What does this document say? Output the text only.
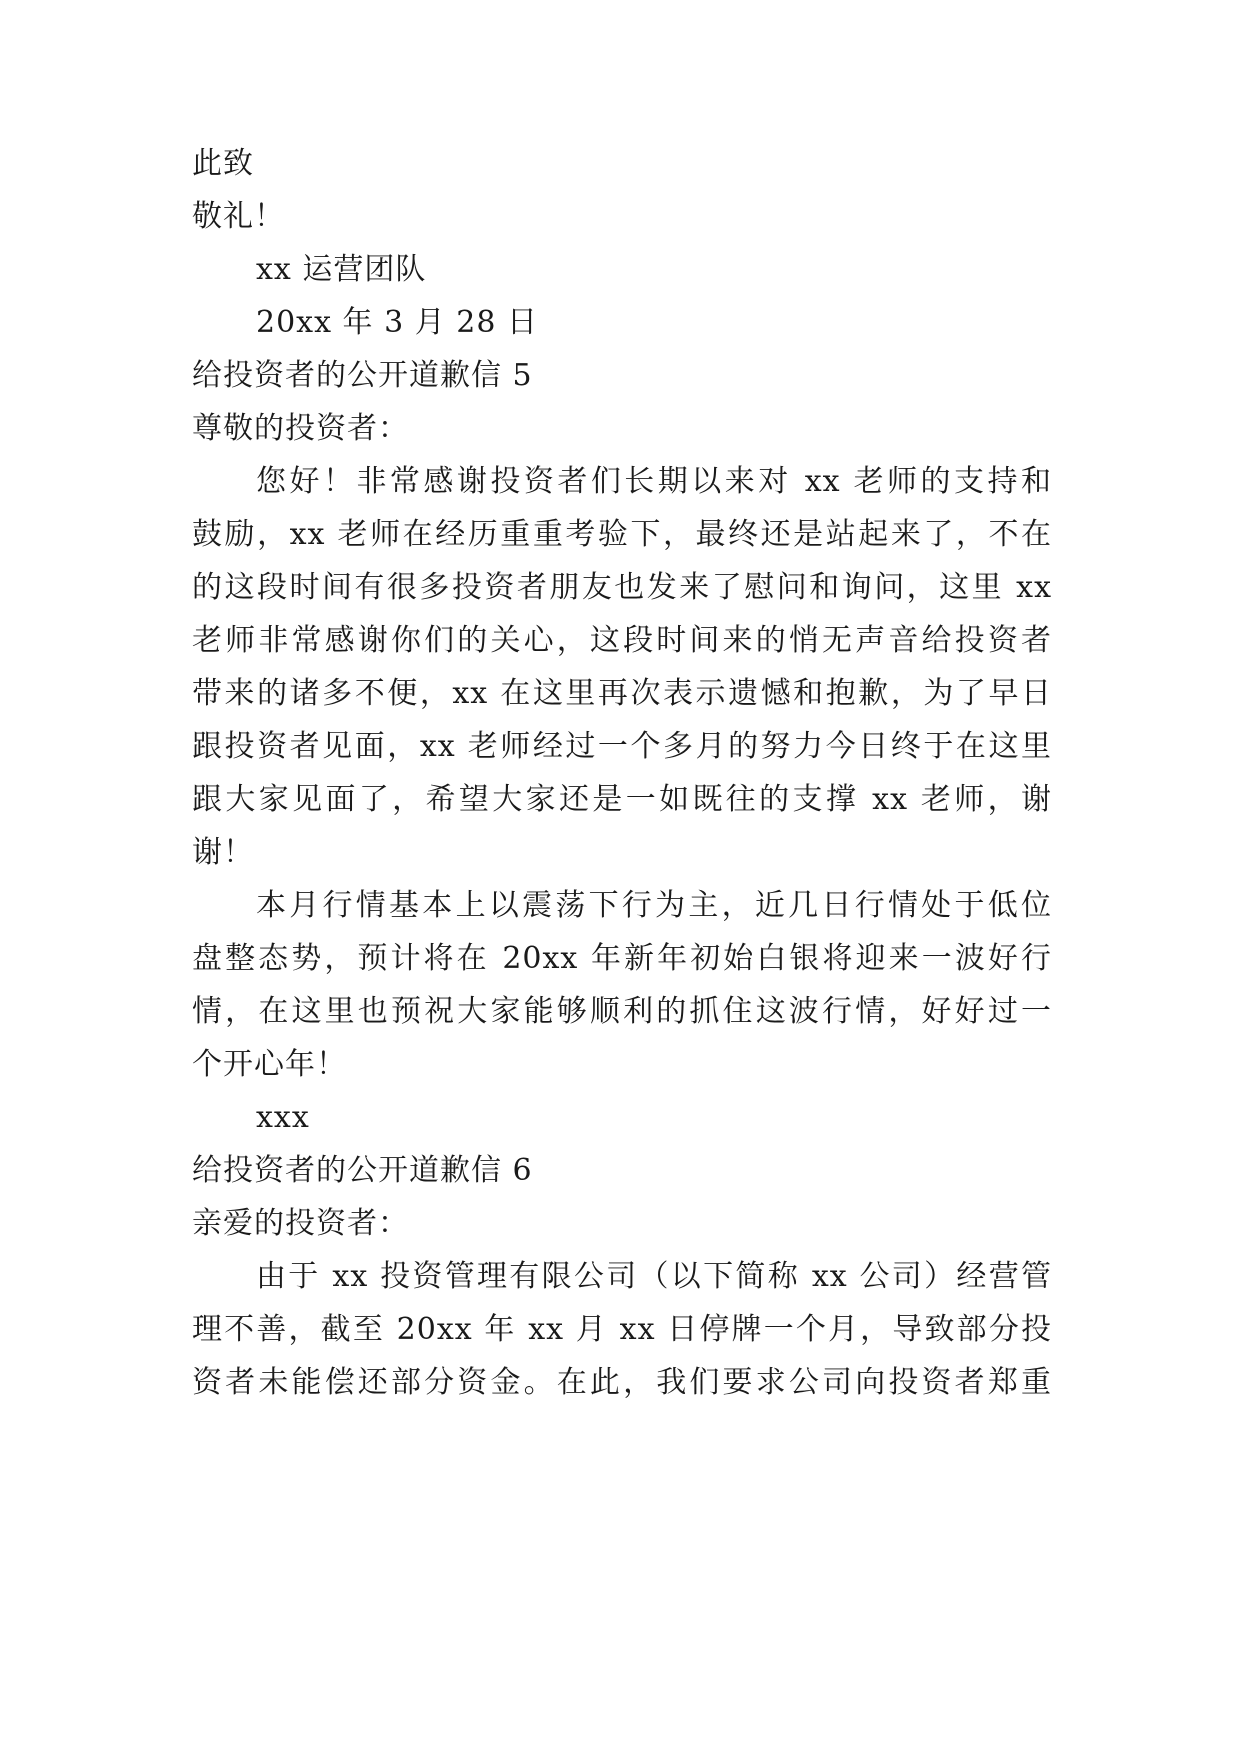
此致
敬礼！
xx 运营团队
20xx 年 3 月 28 日
给投资者的公开道歉信 5
尊敬的投资者：
您好！非常感谢投资者们长期以来对 xx 老师的支持和
鼓励，xx 老师在经历重重考验下，最终还是站起来了，不在
的这段时间有很多投资者朋友也发来了慰问和询问，这里 xx
老师非常感谢你们的关心，这段时间来的悄无声音给投资者
带来的诸多不便，xx 在这里再次表示遗憾和抱歉，为了早日
跟投资者见面，xx 老师经过一个多月的努力今日终于在这里
跟大家见面了，希望大家还是一如既往的支撑 xx 老师，谢
谢！
本月行情基本上以震荡下行为主，近几日行情处于低位
盘整态势，预计将在 20xx 年新年初始白银将迎来一波好行
情，在这里也预祝大家能够顺利的抓住这波行情，好好过一
个开心年！
xxx
给投资者的公开道歉信 6
亲爱的投资者：
由于 xx 投资管理有限公司（以下简称 xx 公司）经营管
理不善，截至 20xx 年 xx 月 xx 日停牌一个月，导致部分投
资者未能偿还部分资金。在此，我们要求公司向投资者郑重
